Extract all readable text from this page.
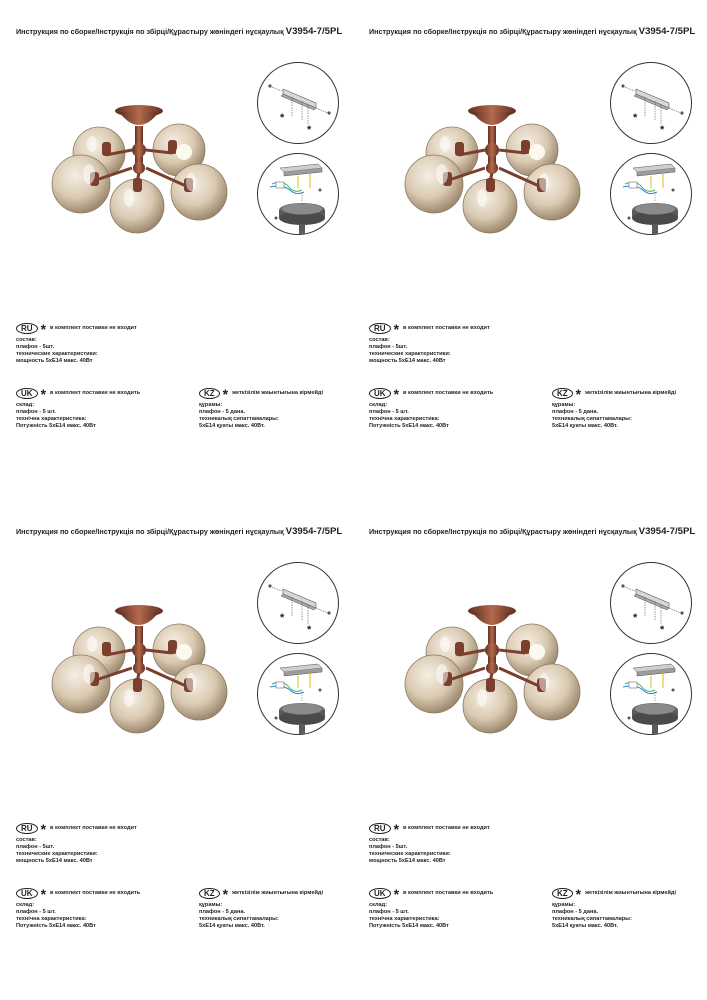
Инструкция по сборке/Інструкція по збірці/Құрастыру жөніндегі нұсқаулық V3954-7/5PL
*
*
RU * в комплект поставки не входит
состав:
плафон - 5шт.
технические характеристики:
мощность 5хЕ14 макс. 40Вт
UK * в комплект поставки не входить
склад:
плафон - 5 шт.
технічна характеристика:
Потужність 5хЕ14 макс. 40Вт
KZ * жеткізілім жиынтығына кірмейді
құрамы:
плафон - 5 дана.
техникалық сипаттамалары:
5хЕ14 қуаты макс. 40Вт.
Инструкция по сборке/Інструкція по збірці/Құрастыру жөніндегі нұсқаулық V3954-7/5PL
*
*
RU * в комплект поставки не входит
состав:
плафон - 5шт.
технические характеристики:
мощность 5хЕ14 макс. 40Вт
UK * в комплект поставки не входить
склад:
плафон - 5 шт.
технічна характеристика:
Потужність 5хЕ14 макс. 40Вт
KZ * жеткізілім жиынтығына кірмейді
құрамы:
плафон - 5 дана.
техникалық сипаттамалары:
5хЕ14 қуаты макс. 40Вт.
Инструкция по сборке/Інструкція по збірці/Құрастыру жөніндегі нұсқаулық V3954-7/5PL
*
*
RU * в комплект поставки не входит
состав:
плафон - 5шт.
технические характеристики:
мощность 5хЕ14 макс. 40Вт
UK * в комплект поставки не входить
склад:
плафон - 5 шт.
технічна характеристика:
Потужність 5хЕ14 макс. 40Вт
KZ * жеткізілім жиынтығына кірмейді
құрамы:
плафон - 5 дана.
техникалық сипаттамалары:
5хЕ14 қуаты макс. 40Вт.
Инструкция по сборке/Інструкція по збірці/Құрастыру жөніндегі нұсқаулық V3954-7/5PL
*
*
RU * в комплект поставки не входит
состав:
плафон - 5шт.
технические характеристики:
мощность 5хЕ14 макс. 40Вт
UK * в комплект поставки не входить
склад:
плафон - 5 шт.
технічна характеристика:
Потужність 5хЕ14 макс. 40Вт
KZ * жеткізілім жиынтығына кірмейді
құрамы:
плафон - 5 дана.
техникалық сипаттамалары:
5хЕ14 қуаты макс. 40Вт.
